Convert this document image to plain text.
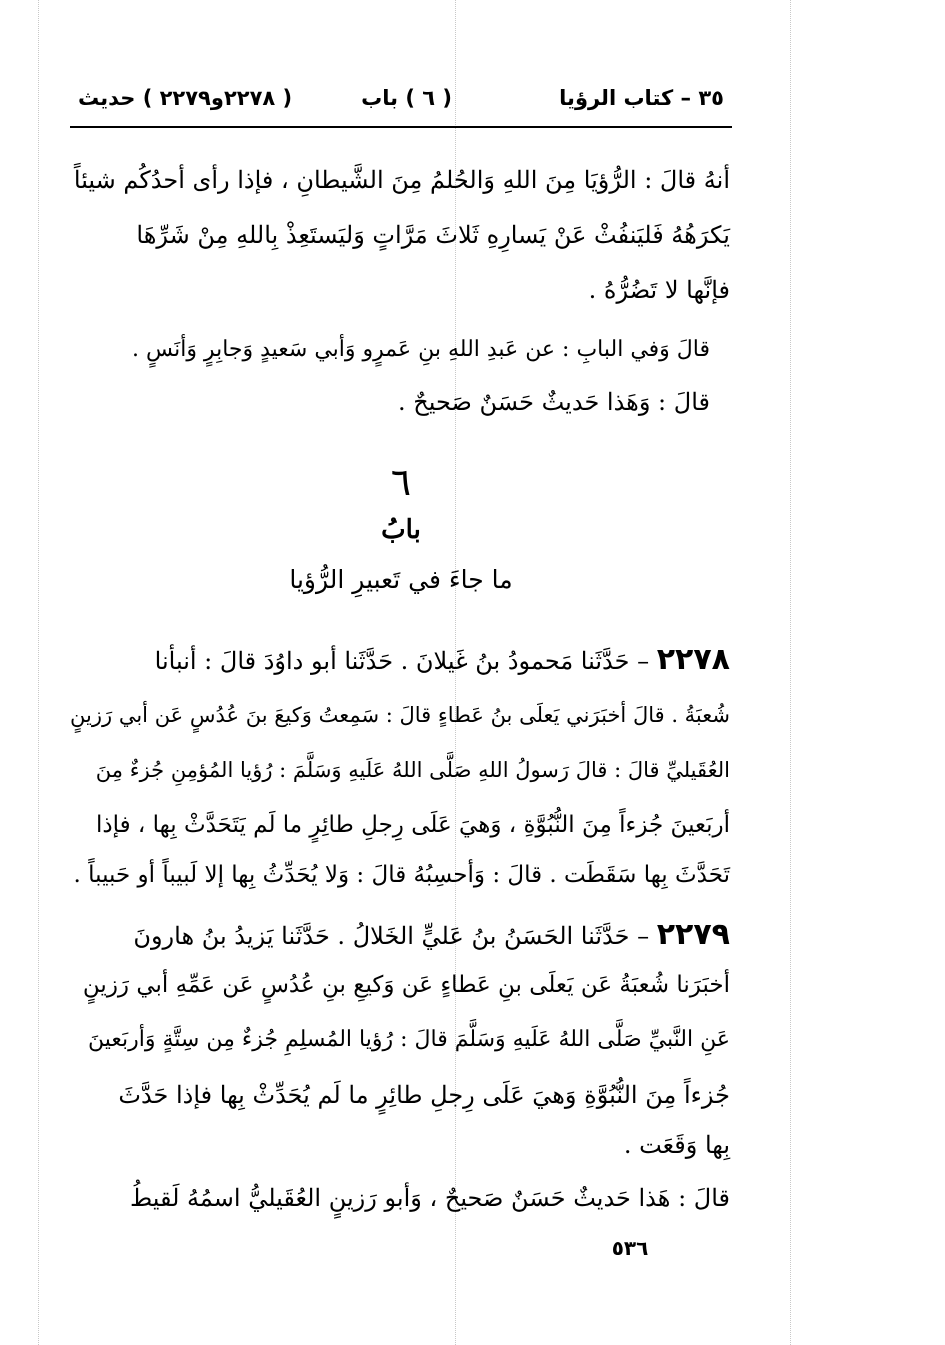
٣٥ – كتاب الرؤيا
( ٦ ) باب
( ٢٢٧٨و٢٢٧٩ ) حديث
أنهُ قالَ : الرُّؤيَا مِنَ اللهِ وَالحُلمُ مِنَ الشَّيطانِ ، فإذا رأى أحدُكُم شيئاً
يَكرَهُهُ فَليَنفُثْ عَنْ يَسارِهِ ثَلاثَ مَرَّاتٍ وَليَستَعِذْ بِاللهِ مِنْ شَرِّهَا
فإنَّها لا تَضُرُّهُ .
قالَ وَفي البابِ : عن عَبدِ اللهِ بنِ عَمرٍو وَأبي سَعيدٍ وَجابِرٍ وَأنَسٍ .
قالَ : وَهَذا حَديثٌ حَسَنٌ صَحيحٌ .
٦
بابُ
ما جاءَ في تَعبيرِ الرُّؤيا
٢٢٧٨ – حَدَّثَنا مَحمودُ بنُ غَيلانَ . حَدَّثَنا أبو داوُدَ قالَ : أنبأنا
شُعبَةُ . قالَ أخبَرَني يَعلَى بنُ عَطاءٍ قالَ : سَمِعتُ وَكيعَ بنَ عُدُسٍ عَن أبي رَزينٍ
العُقَيليِّ قالَ : قالَ رَسولُ اللهِ صَلَّى اللهُ عَلَيهِ وَسَلَّمَ : رُؤيا المُؤمِنِ جُزءٌ مِنَ
أربَعينَ جُزءاً مِنَ النُّبُوَّةِ ، وَهيَ عَلَى رِجلِ طائِرٍ ما لَم يَتَحَدَّثْ بِها ، فإذا
تَحَدَّثَ بِها سَقَطَت . قالَ : وَأحسِبُهُ قالَ : وَلا يُحَدِّثُ بِها إلا لَبيباً أو حَبيباً .
٢٢٧٩ – حَدَّثَنا الحَسَنُ بنُ عَليٍّ الخَلالُ . حَدَّثَنا يَزيدُ بنُ هارونَ
أخبَرَنا شُعبَةُ عَن يَعلَى بنِ عَطاءٍ عَن وَكيعِ بنِ عُدُسٍ عَن عَمِّهِ أبي رَزينٍ
عَنِ النَّبيِّ صَلَّى اللهُ عَلَيهِ وَسَلَّمَ قالَ : رُؤيا المُسلِمِ جُزءٌ مِن سِتَّةٍ وَأربَعينَ
جُزءاً مِنَ النُّبُوَّةِ وَهيَ عَلَى رِجلِ طائِرٍ ما لَم يُحَدِّثْ بِها فإذا حَدَّثَ
بِها وَقَعَت .
قالَ : هَذا حَديثٌ حَسَنٌ صَحيحٌ ، وَأبو رَزينٍ العُقَيليُّ اسمُهُ لَقيطُ
٥٣٦
